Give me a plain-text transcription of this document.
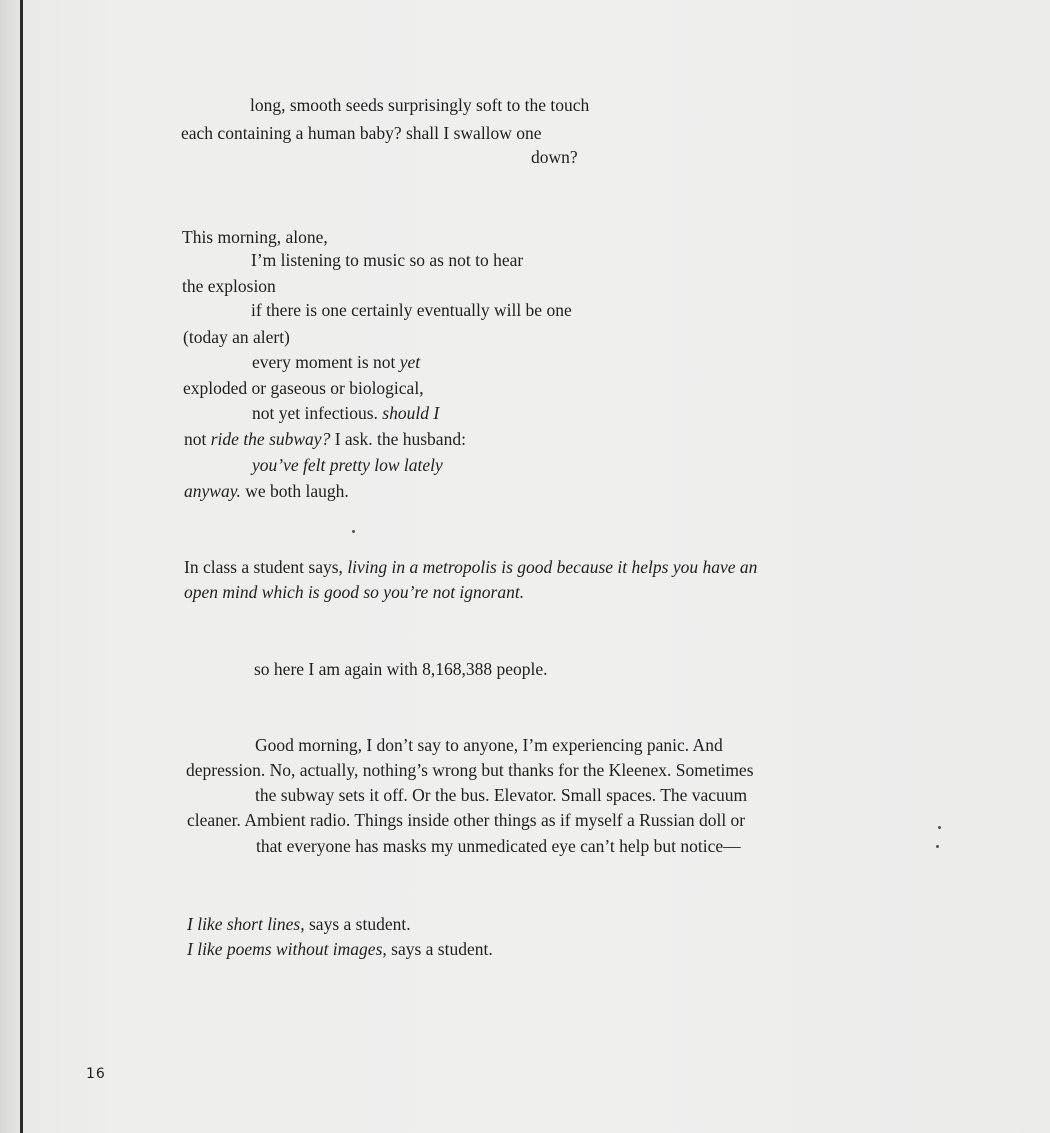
long, smooth seeds surprisingly soft to the touch
each containing a human baby? shall I swallow one
down?
This morning, alone,
I’m listening to music so as not to hear
the explosion
if there is one certainly eventually will be one
(today an alert)
every moment is not yet
exploded or gaseous or biological,
not yet infectious. should I
not ride the subway? I ask. the husband:
you’ve felt pretty low lately
anyway. we both laugh.
In class a student says, living in a metropolis is good because it helps you have an
open mind which is good so you’re not ignorant.
so here I am again with 8,168,388 people.
Good morning, I don’t say to anyone, I’m experiencing panic. And
depression. No, actually, nothing’s wrong but thanks for the Kleenex. Sometimes
the subway sets it off. Or the bus. Elevator. Small spaces. The vacuum
cleaner. Ambient radio. Things inside other things as if myself a Russian doll or
that everyone has masks my unmedicated eye can’t help but notice—
I like short lines, says a student.
I like poems without images, says a student.
16
